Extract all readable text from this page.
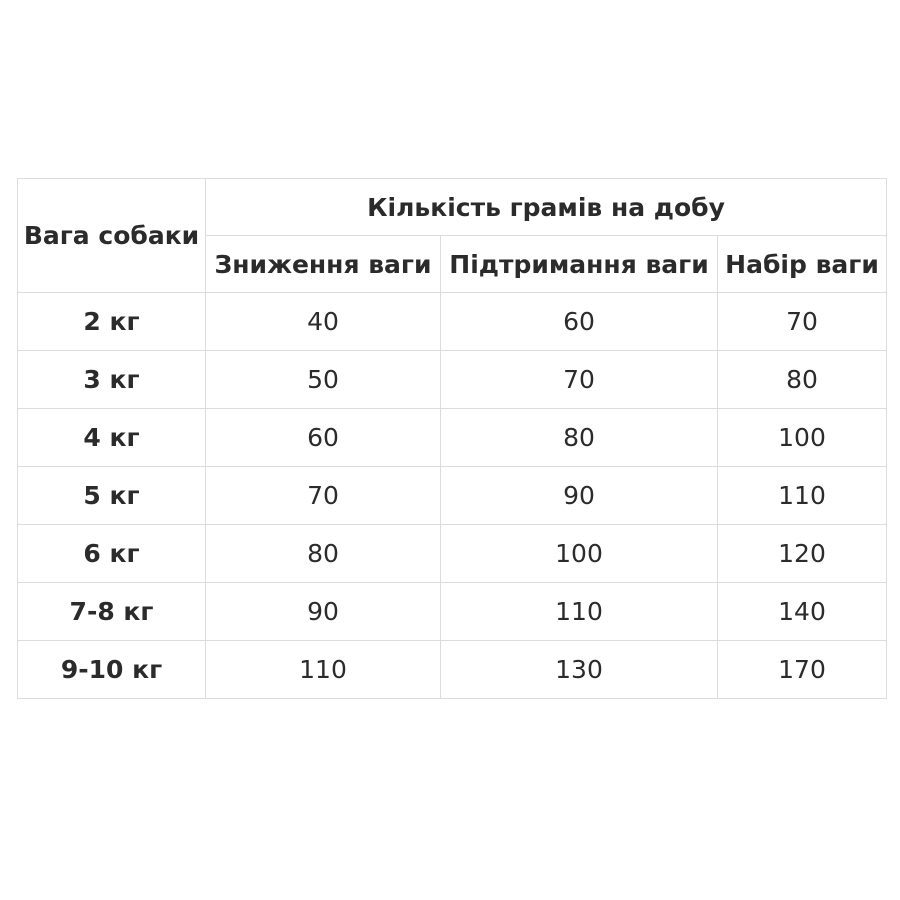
Вага собаки	Кількість грамів на добу		
	Зниження ваги	Підтримання ваги	Набір ваги
2 кг	40	60	70
3 кг	50	70	80
4 кг	60	80	100
5 кг	70	90	110
6 кг	80	100	120
7-8 кг	90	110	140
9-10 кг	110	130	170
